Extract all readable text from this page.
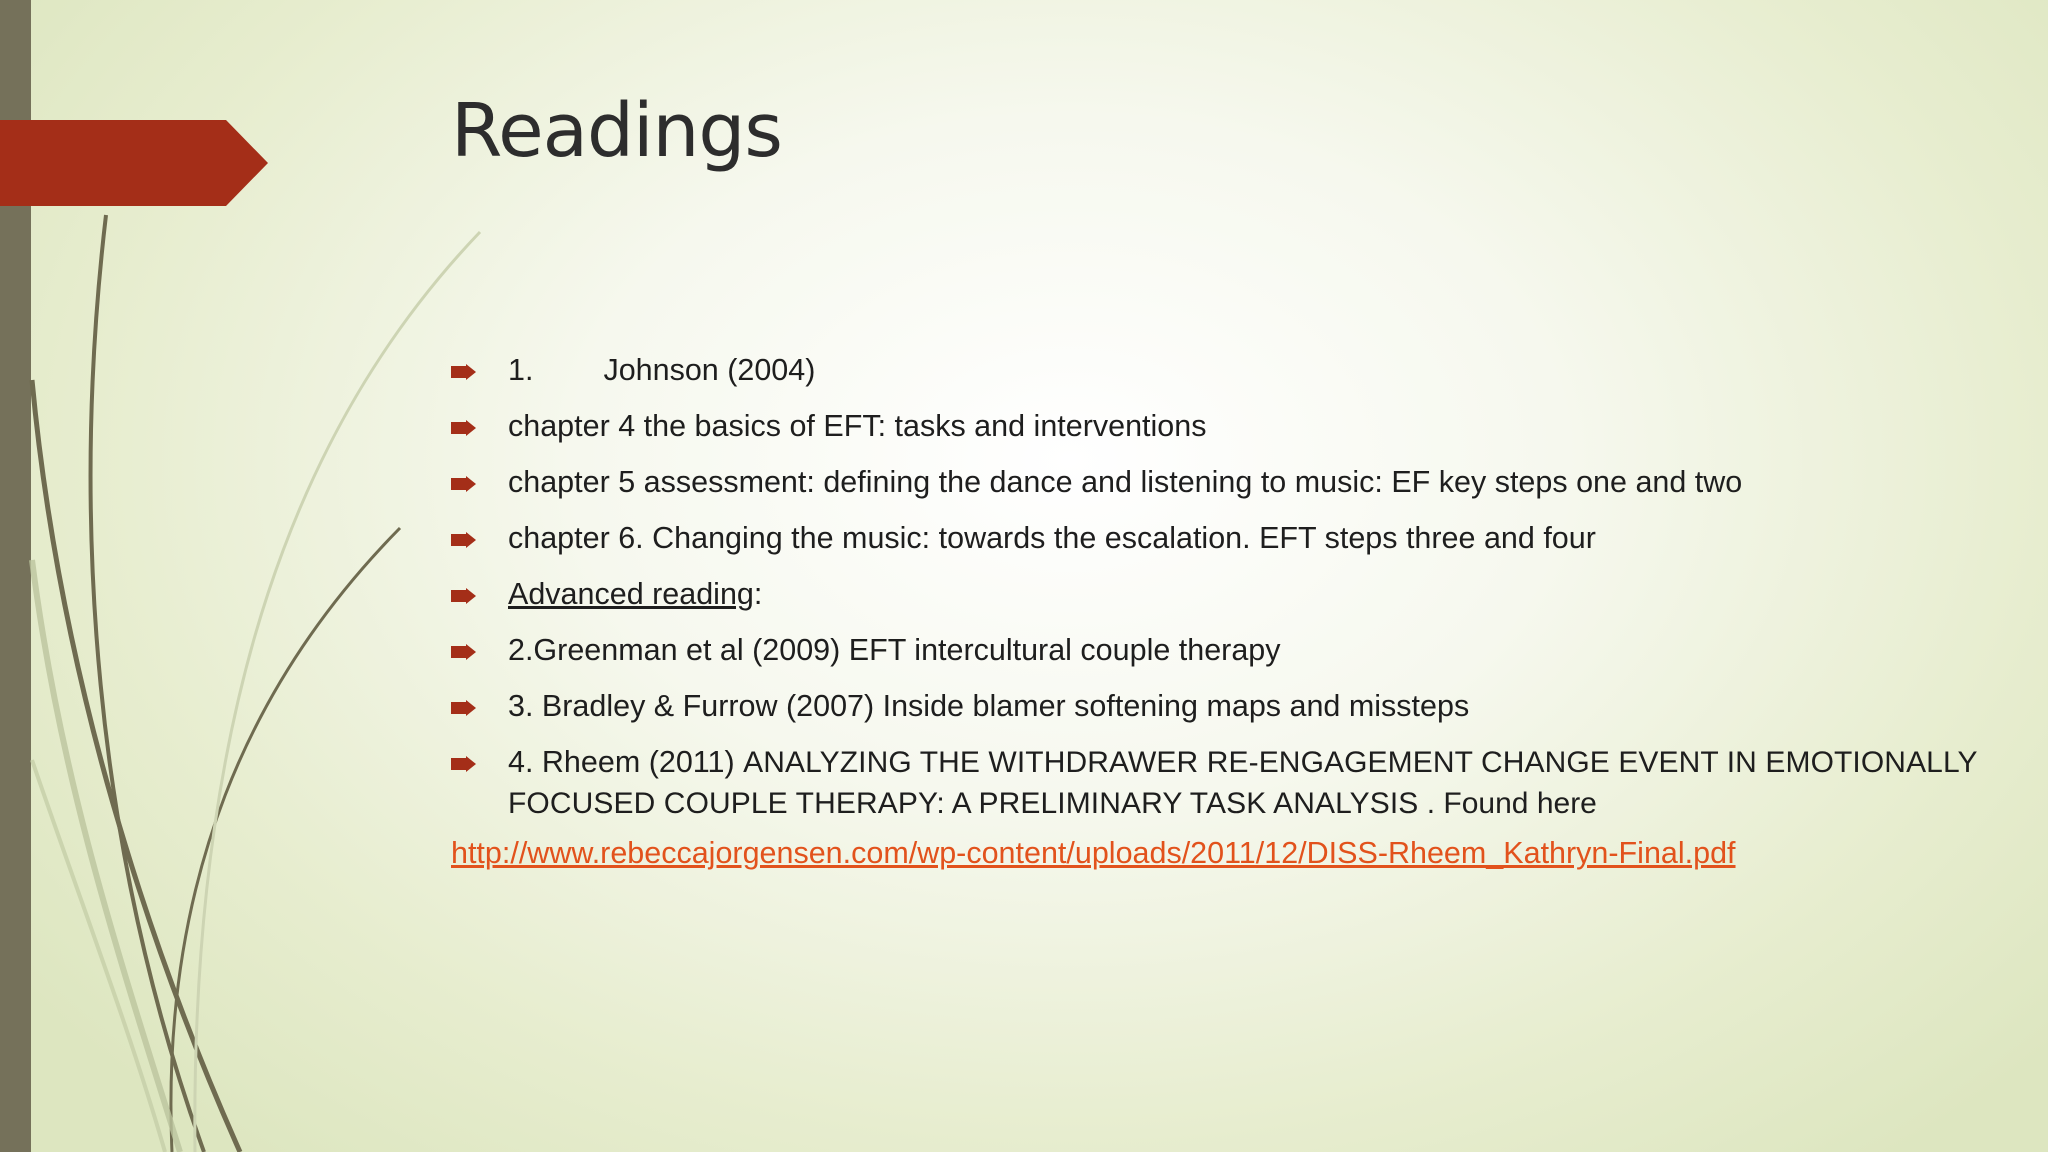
Readings
1. Johnson (2004)
chapter 4 the basics of EFT: tasks and interventions
chapter 5 assessment: defining the dance and listening to music: EF key steps one and two
chapter 6. Changing the music: towards the escalation. EFT steps three and four
Advanced reading:
2.Greenman et al (2009) EFT intercultural couple therapy
3. Bradley & Furrow (2007) Inside blamer softening maps and missteps
4. Rheem (2011) ANALYZING THE WITHDRAWER RE-ENGAGEMENT CHANGE EVENT IN EMOTIONALLY FOCUSED COUPLE THERAPY: A PRELIMINARY TASK ANALYSIS . Found here
http://www.rebeccajorgensen.com/wp-content/uploads/2011/12/DISS-Rheem_Kathryn-Final.pdf
